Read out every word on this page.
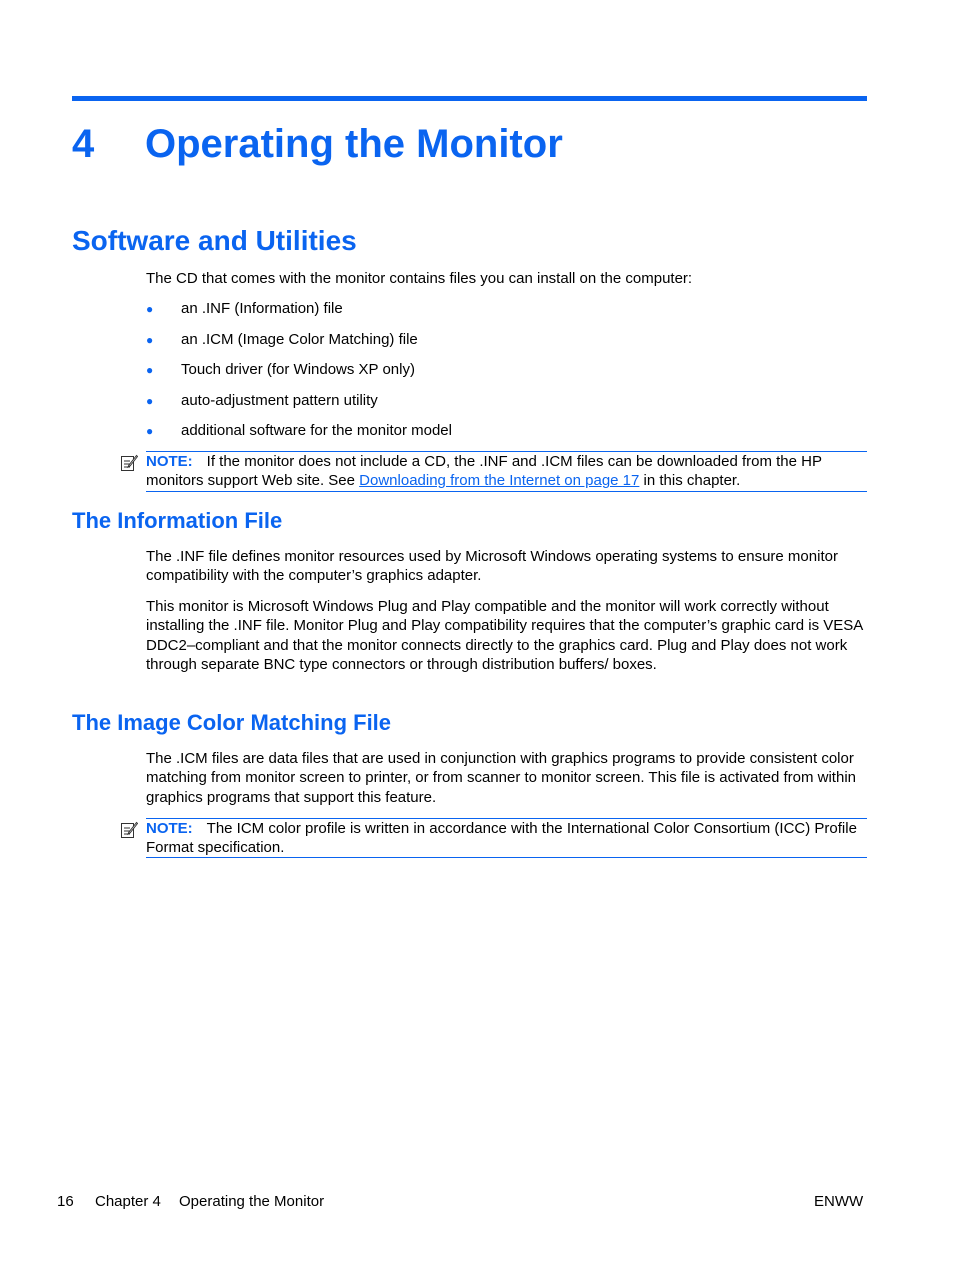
4 Operating the Monitor
Software and Utilities
The CD that comes with the monitor contains files you can install on the computer:
● an .INF (Information) file
● an .ICM (Image Color Matching) file
● Touch driver (for Windows XP only)
● auto-adjustment pattern utility
● additional software for the monitor model
NOTE: If the monitor does not include a CD, the .INF and .ICM files can be downloaded from the HP monitors support Web site. See Downloading from the Internet on page 17 in this chapter.
The Information File
The .INF file defines monitor resources used by Microsoft Windows operating systems to ensure monitor compatibility with the computer’s graphics adapter.
This monitor is Microsoft Windows Plug and Play compatible and the monitor will work correctly without installing the .INF file. Monitor Plug and Play compatibility requires that the computer’s graphic card is VESA DDC2–compliant and that the monitor connects directly to the graphics card. Plug and Play does not work through separate BNC type connectors or through distribution buffers/ boxes.
The Image Color Matching File
The .ICM files are data files that are used in conjunction with graphics programs to provide consistent color matching from monitor screen to printer, or from scanner to monitor screen. This file is activated from within graphics programs that support this feature.
NOTE: The ICM color profile is written in accordance with the International Color Consortium (ICC) Profile Format specification.
16 Chapter 4 Operating the Monitor	ENWW
